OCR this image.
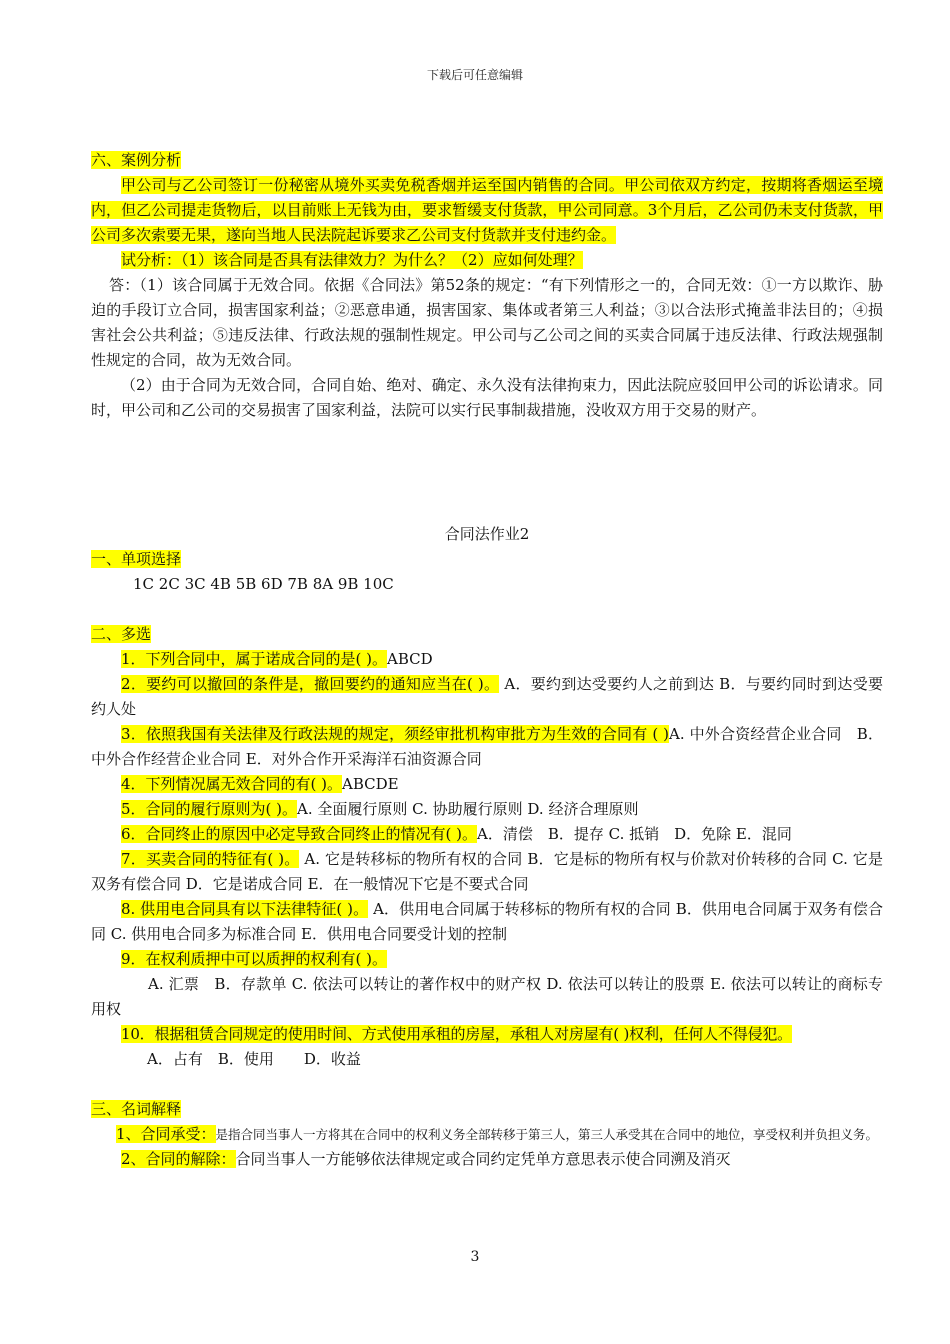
下载后可任意编辑

六、案例分析

甲公司与乙公司签订一份秘密从境外买卖免税香烟并运至国内销售的合同。甲公司依双方约定，按期将香烟运至境内，但乙公司提走货物后，以目前账上无钱为由，要求暂缓支付货款，甲公司同意。3个月后，乙公司仍未支付货款，甲公司多次索要无果，遂向当地人民法院起诉要求乙公司支付货款并支付违约金。

试分析：（1）该合同是否具有法律效力？为什么？（2）应如何处理？

答：（1）该合同属于无效合同。依据《合同法》第52条的规定：“有下列情形之一的，合同无效：①一方以欺诈、胁迫的手段订立合同，损害国家利益；②恶意串通，损害国家、集体或者第三人利益；③以合法形式掩盖非法目的；④损害社会公共利益；⑤违反法律、行政法规的强制性规定。甲公司与乙公司之间的买卖合同属于违反法律、行政法规强制性规定的合同，故为无效合同。

（2）由于合同为无效合同，合同自始、绝对、确定、永久没有法律拘束力，因此法院应驳回甲公司的诉讼请求。同时，甲公司和乙公司的交易损害了国家利益，法院可以实行民事制裁措施，没收双方用于交易的财产。

合同法作业2

一、单项选择

1C 2C 3C 4B 5B 6D 7B 8A 9B 10C

二、多选

1．下列合同中，属于诺成合同的是( )。ABCD

2．要约可以撤回的条件是，撤回要约的通知应当在( )。 A．要约到达受要约人之前到达 B．与要约同时到达受要约人处

3．依照我国有关法律及行政法规的规定，须经审批机构审批方为生效的合同有 ( )A. 中外合资经营企业合同　B．中外合作经营企业合同 E．对外合作开采海洋石油资源合同

4．下列情况属无效合同的有( )。ABCDE

5．合同的履行原则为( )。A. 全面履行原则 C. 协助履行原则 D. 经济合理原则

6．合同终止的原因中必定导致合同终止的情况有( )。A．清偿　B．提存 C. 抵销　D．免除 E．混同

7．买卖合同的特征有( )。 A. 它是转移标的物所有权的合同 B．它是标的物所有权与价款对价转移的合同 C. 它是双务有偿合同 D．它是诺成合同 E．在一般情况下它是不要式合同

8. 供用电合同具有以下法律特征( )。 A．供用电合同属于转移标的物所有权的合同 B．供用电合同属于双务有偿合同 C. 供用电合同多为标准合同 E．供用电合同要受计划的控制

9．在权利质押中可以质押的权利有( )。

A. 汇票　B．存款单 C. 依法可以转让的著作权中的财产权 D. 依法可以转让的股票 E. 依法可以转让的商标专用权

10．根据租赁合同规定的使用时间、方式使用承租的房屋，承租人对房屋有( )权利，任何人不得侵犯。

A．占有　B．使用　　D．收益

三、名词解释

1、合同承受：是指合同当事人一方将其在合同中的权利义务全部转移于第三人，第三人承受其在合同中的地位，享受权利并负担义务。

2、合同的解除：合同当事人一方能够依法律规定或合同约定凭单方意思表示使合同溯及消灭

3
